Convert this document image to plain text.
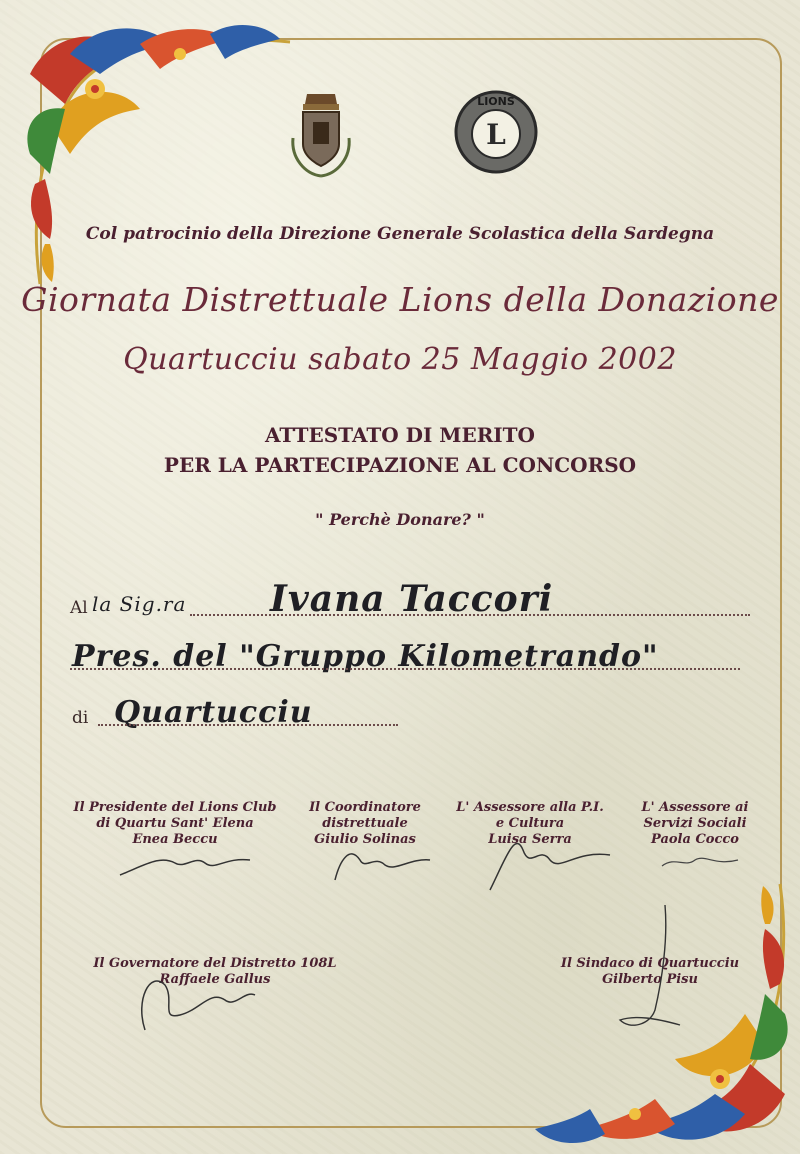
L
LIONS
Col patrocinio della Direzione Generale Scolastica della Sardegna
Giornata Distrettuale Lions della Donazione
Quartucciu sabato 25 Maggio 2002
ATTESTATO DI MERITO
PER LA PARTECIPAZIONE AL CONCORSO
" Perchè Donare? "
Al la Sig.ra Ivana Taccori
Pres. del "Gruppo Kilometrando"
di Quartucciu
Il Presidente del Lions Club
di Quartu Sant' Elena
Enea Beccu
Il Coordinatore
distrettuale
Giulio Solinas
L' Assessore alla P.I.
e Cultura
Luisa Serra
L' Assessore ai
Servizi Sociali
Paola Cocco
Il Governatore del Distretto 108L
Raffaele Gallus
Il Sindaco di Quartucciu
Gilberto Pisu
